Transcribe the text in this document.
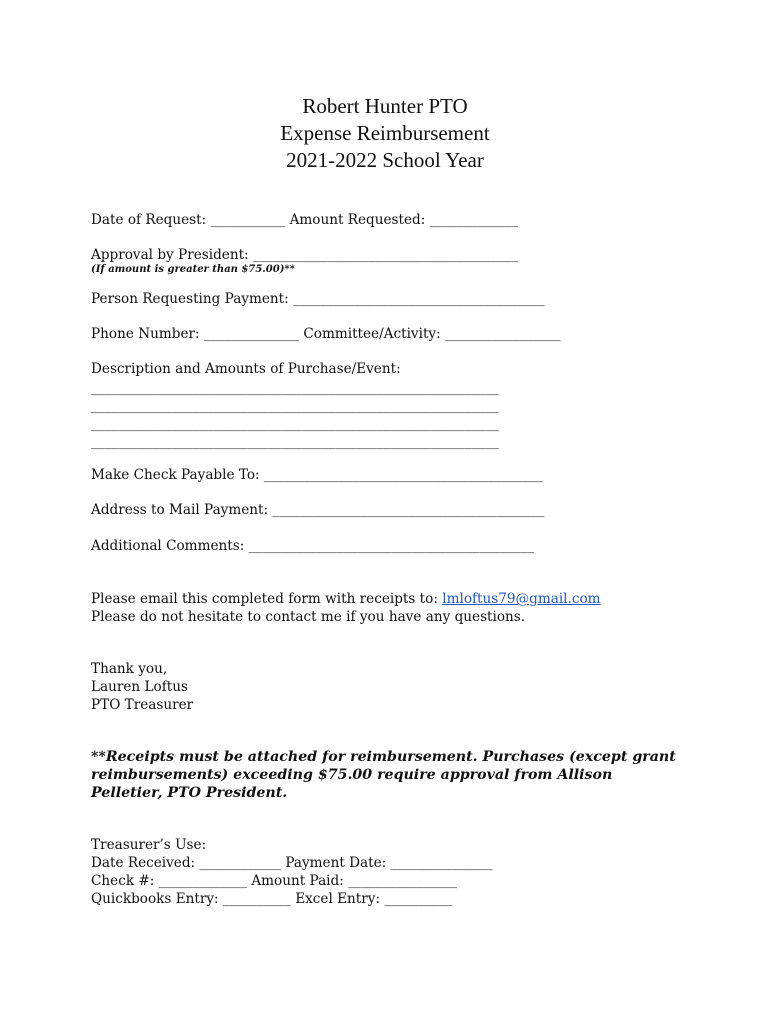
Robert Hunter PTO
Expense Reimbursement
2021-2022 School Year
Date of Request: ___________ Amount Requested: _____________
Approval by President: _______________________________________
(If amount is greater than $75.00)**
Person Requesting Payment: _____________________________________
Phone Number: ______________ Committee/Activity: _________________
Description and Amounts of Purchase/Event:
____________________________________________________________
____________________________________________________________
____________________________________________________________
____________________________________________________________
Make Check Payable To: _________________________________________
Address to Mail Payment: ________________________________________
Additional Comments: __________________________________________
Please email this completed form with receipts to: lmloftus79@gmail.com
Please do not hesitate to contact me if you have any questions.
Thank you,
Lauren Loftus
PTO Treasurer
**Receipts must be attached for reimbursement. Purchases (except grant
reimbursements) exceeding $75.00 require approval from Allison
Pelletier, PTO President.
Treasurer’s Use:
Date Received: ____________ Payment Date: _______________
Check #: _____________ Amount Paid: ________________
Quickbooks Entry: __________ Excel Entry: __________
